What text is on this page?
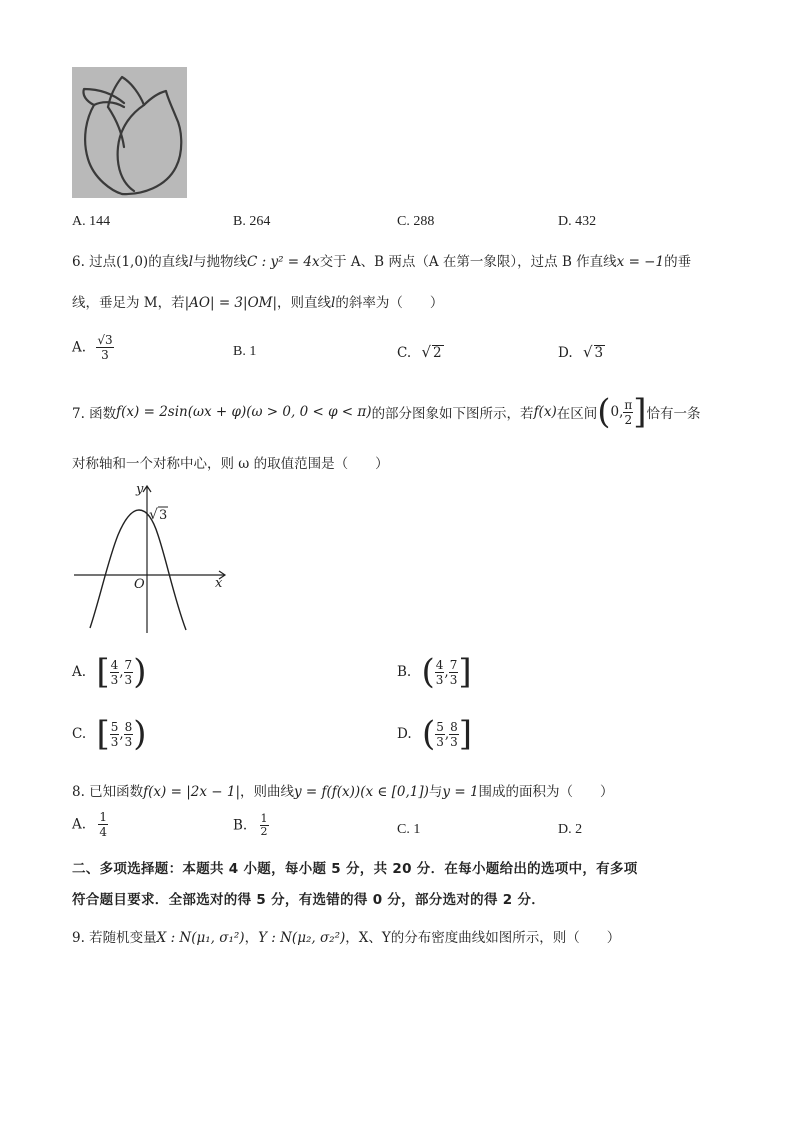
A. 144	B. 264	C. 288	D. 432
6. 过点(1,0)的直线l与抛物线C : y² = 4x交于 A、B 两点（A 在第一象限），过点 B 作直线x = −1的垂
线，垂足为 M，若|AO| = 3|OM|，则直线l的斜率为（　　）
A. $\frac{√3}{3}$	B. 1	C. √ 2	D. √ 3
7. 函数f(x) = 2sin(ωx + φ)(ω > 0, 0 < φ < π)的部分图象如下图所示，若f(x)在区间(0, $\frac{\pi}{2}$ ]恰有一条
对称轴和一个对称中心，则 ω 的取值范围是（　　）
y
x
O
√ 3
A. [ $\frac{4}{3}$ , $\frac{7}{3}$ )	B. ( $\frac{4}{3}$ , $\frac{7}{3}$ ]
C. [ $\frac{5}{3}$ , $\frac{8}{3}$ )	D. ( $\frac{5}{3}$ , $\frac{8}{3}$ ]
8. 已知函数f(x) = |2x − 1|，则曲线y = f(f(x))(x ∈ [0,1])与y = 1围成的面积为（　　）
A. $\frac{1}{4}$	B. $\frac{1}{2}$	C. 1	D. 2
二、多项选择题：本题共 4 小题，每小题 5 分，共 20 分．在每小题给出的选项中，有多项
符合题目要求．全部选对的得 5 分，有选错的得 0 分，部分选对的得 2 分．
9. 若随机变量X : N(μ₁, σ₁²)，Y : N(μ₂, σ₂²)，X、Y的分布密度曲线如图所示，则（　　）
